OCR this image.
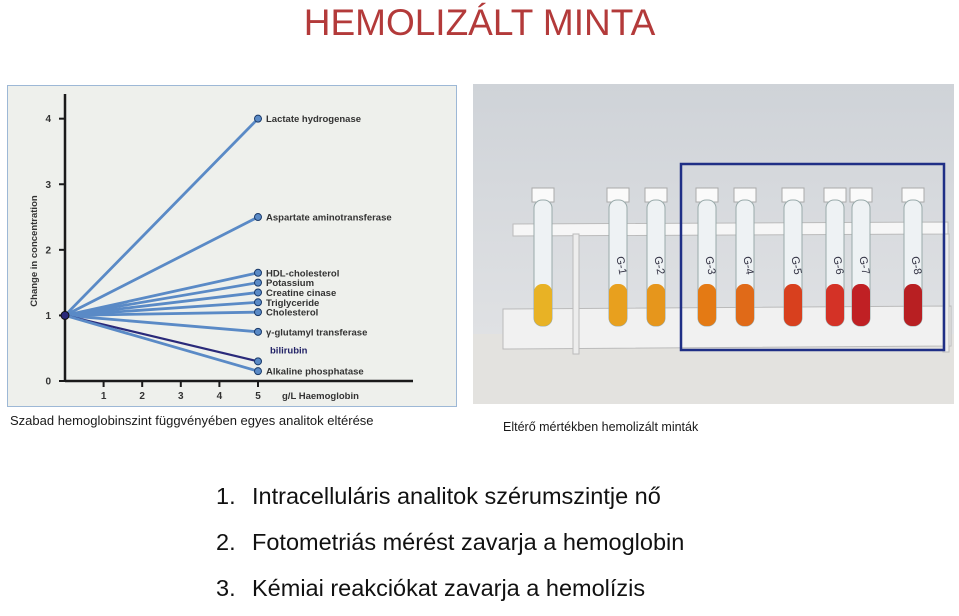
HEMOLIZÁLT MINTA
0
1
2
3
4
1	2	3	4	5 g/L Haemoglobin
Change in concentration
Lactate hydrogenase
Aspartate aminotransferase
HDL-cholesterol
Potassium
Creatine cinase
Triglyceride
Cholesterol
γ-glutamyl transferase
bilirubin
Alkaline phosphatase
Szabad hemoglobinszint függvényében egyes analitok eltérése
G-1 G-2	G-3 G-4	G-5 G-6 G-7	G-8
Eltérő mértékben hemolizált minták
1. Intracelluláris analitok szérumszintje nő
2. Fotometriás mérést zavarja a hemoglobin
3. Kémiai reakciókat zavarja a hemolízis
